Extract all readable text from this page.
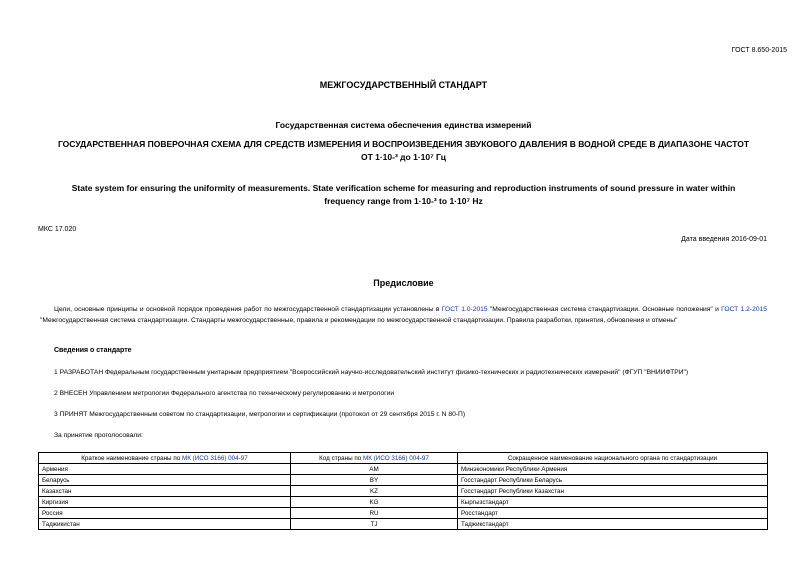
ГОСТ 8.650-2015
МЕЖГОСУДАРСТВЕННЫЙ СТАНДАРТ
Государственная система обеспечения единства измерений
ГОСУДАРСТВЕННАЯ ПОВЕРОЧНАЯ СХЕМА ДЛЯ СРЕДСТВ ИЗМЕРЕНИЯ И ВОСПРОИЗВЕДЕНИЯ ЗВУКОВОГО ДАВЛЕНИЯ В ВОДНОЙ СРЕДЕ В ДИАПАЗОНЕ ЧАСТОТ
ОТ 1·10-³ до 1·10⁷ Гц
State system for ensuring the uniformity of measurements. State verification scheme for measuring and reproduction instruments of sound pressure in water within
frequency range from 1·10-³ to 1·10⁷ Hz
МКС 17.020
Дата введения 2016-09-01
Предисловие
Цели, основные принципы и основной порядок проведения работ по межгосударственной стандартизации установлены в ГОСТ 1.0-2015 "Межгосударственная система стандартизации. Основные положения" и ГОСТ 1.2-2015 "Межгосударственная система стандартизации. Стандарты межгосударственные, правила и рекомендации по межгосударственной стандартизации. Правила разработки, принятия, обновления и отмены"
Сведения о стандарте
1 РАЗРАБОТАН Федеральным государственным унитарным предприятием "Всероссийский научно-исследовательский институт физико-технических и радиотехнических измерений" (ФГУП "ВНИИФТРИ")
2 ВНЕСЕН Управлением метрологии Федерального агентства по техническому регулированию и метрологии
3 ПРИНЯТ Межгосударственным советом по стандартизации, метрологии и сертификации (протокол от 29 сентября 2015 г. N 80-П)
За принятие проголосовали:
Краткое наименование страны по МК (ИСО 3166) 004-97	Код страны по МК (ИСО 3166) 004-97	Сокращенное наименование национального органа по стандартизации
Армения	AM	Минэкономики Республики Армения
Беларусь	BY	Госстандарт Республики Беларусь
Казахстан	KZ	Госстандарт Республики Казахстан
Киргизия	KG	Кыргызстандарт
Россия	RU	Росстандарт
Таджикистан	TJ	Таджикстандарт
